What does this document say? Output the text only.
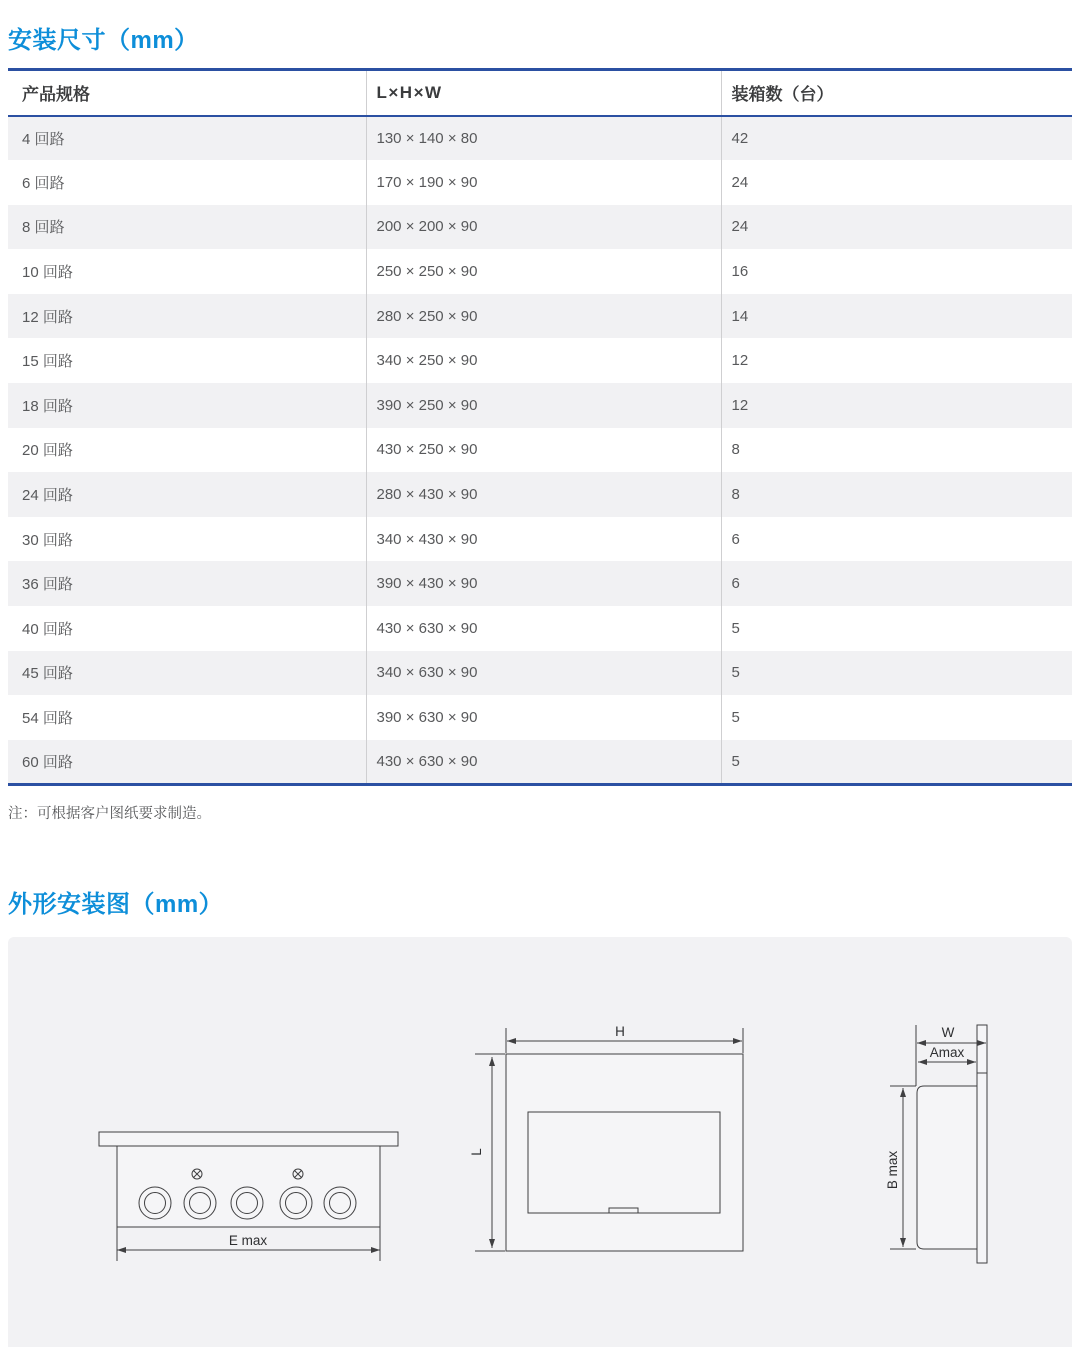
安装尺寸（mm）
产品规格	L×H×W	装箱数（台）
4 回路	130 × 140 × 80	42
6 回路	170 × 190 × 90	24
8 回路	200 × 200 × 90	24
10 回路	250 × 250 × 90	16
12 回路	280 × 250 × 90	14
15 回路	340 × 250 × 90	12
18 回路	390 × 250 × 90	12
20 回路	430 × 250 × 90	8
24 回路	280 × 430 × 90	8
30 回路	340 × 430 × 90	6
36 回路	390 × 430 × 90	6
40 回路	430 × 630 × 90	5
45 回路	340 × 630 × 90	5
54 回路	390 × 630 × 90	5
60 回路	430 × 630 × 90	5

注：可根据客户图纸要求制造。

外形安装图（mm）
E max
H
L
W
Amax
B max
